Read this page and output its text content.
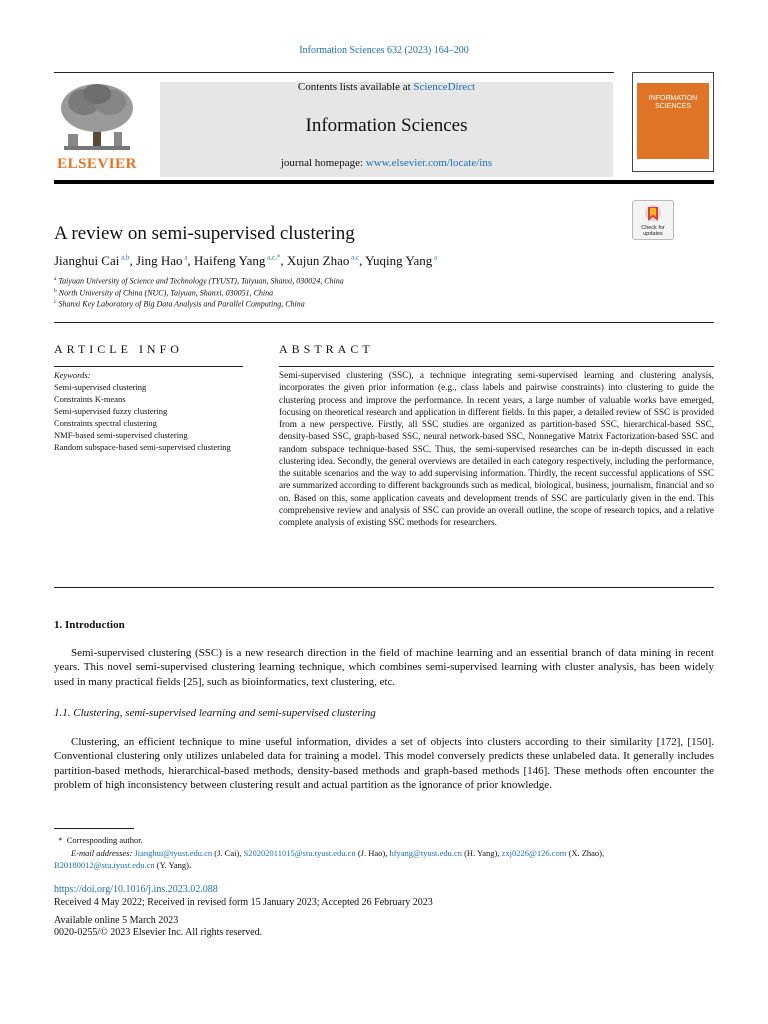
Information Sciences 632 (2023) 164–200
ELSEVIER
Contents lists available at ScienceDirect
Information Sciences
journal homepage: www.elsevier.com/locate/ins
INFORMATION SCIENCES
A review on semi-supervised clustering	Check for updates
Jianghui Cai $^{a,b}$, Jing Hao $^a$, Haifeng Yang $^{a,c,*}$, Xujun Zhao $^{a,c}$, Yuqing Yang $^a$
$^a$ Taiyuan University of Science and Technology (TYUST), Taiyuan, Shanxi, 030024, China
$^b$ North University of China (NUC), Taiyuan, Shanxi, 030051, China
$^c$ Shanxi Key Laboratory of Big Data Analysis and Parallel Computing, China
ARTICLE INFO	ABSTRACT
Keywords:
Semi-supervised clustering
Constraints K-means
Semi-supervised fuzzy clustering
Constraints spectral clustering
NMF-based semi-supervised clustering
Random subspace-based semi-supervised clustering
Semi-supervised clustering (SSC), a technique integrating semi-supervised learning and clustering analysis, incorporates the given prior information (e.g., class labels and pairwise constraints) into clustering to guide the clustering process and improve the performance. In recent years, a large number of valuable works have emerged, focusing on theoretical research and application in different fields. In this paper, a detailed review of SSC is provided from a new perspective. Firstly, all SSC studies are organized as partition-based SSC, hierarchical-based SSC, density-based SSC, graph-based SSC, neural network-based SSC, Nonnegative Matrix Factorization-based SSC and random subspace technique-based SSC. Thus, the semi-supervised researches can be in-depth discussed in each clustering idea. Secondly, the general overviews are detailed in each category respectively, including the performance, the suitable scenarios and the way to add supervising information. Thirdly, the recent successful applications of SSC are summarized according to different backgrounds such as medical, biological, business, journalism, financial and so on. Based on this, some application caveats and development trends of SSC are particularly given in the end. This comprehensive review and analysis of SSC can provide an overall outline, the scope of research topics, and a relative complete analysis of existing SSC methods for researchers.
1. Introduction
Semi-supervised clustering (SSC) is a new research direction in the field of machine learning and an essential branch of data mining in recent years. This novel semi-supervised clustering learning technique, which combines semi-supervised learning with cluster analysis, has been widely used in many practical fields [25], such as bioinformatics, text clustering, etc.
1.1. Clustering, semi-supervised learning and semi-supervised clustering
Clustering, an efficient technique to mine useful information, divides a set of objects into clusters according to their similarity [172], [150]. Conventional clustering only utilizes unlabeled data for training a model. This model conversely predicts these unlabeled data. It generally includes partition-based methods, hierarchical-based methods, density-based methods and graph-based methods [146]. These methods often encounter the problem of high inconsistency between clustering result and actual partition as the ignorance of prior knowledge.
*  Corresponding author.
E-mail addresses: Jianghui@tyust.edu.cn (J. Cai), S20202011015@stu.tyust.edu.cn (J. Hao), hfyang@tyust.edu.cn (H. Yang), zxj0226@126.com (X. Zhao),
B20180012@stu.tyust.edu.cn (Y. Yang).
https://doi.org/10.1016/j.ins.2023.02.088
Received 4 May 2022; Received in revised form 15 January 2023; Accepted 26 February 2023
Available online 5 March 2023
0020-0255/© 2023 Elsevier Inc. All rights reserved.
